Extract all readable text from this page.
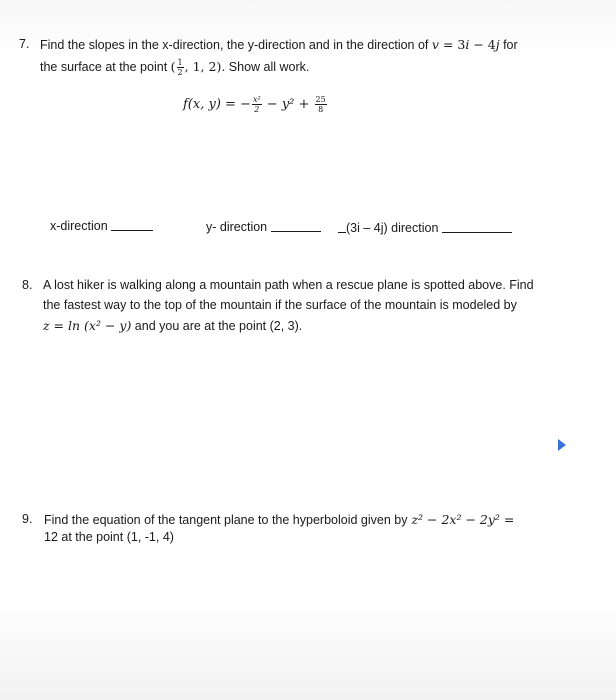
7. Find the slopes in the x-direction, the y-direction and in the direction of v = 3i − 4j for
the surface at the point ( $\frac{1}{2}$ , 1, 2). Show all work.
f(x, y) = − $\frac{\text{x²}}{2} - y^2 + \frac{25}{8}$
x-direction	y- direction	(3i – 4j) direction
8. A lost hiker is walking along a mountain path when a rescue plane is spotted above. Find
the fastest way to the top of the mountain if the surface of the mountain is modeled by
z = ln (x² − y) and you are at the point (2, 3).
9. Find the equation of the tangent plane to the hyperboloid given by z² − 2x² − 2y² =
12 at the point (1, -1, 4)
